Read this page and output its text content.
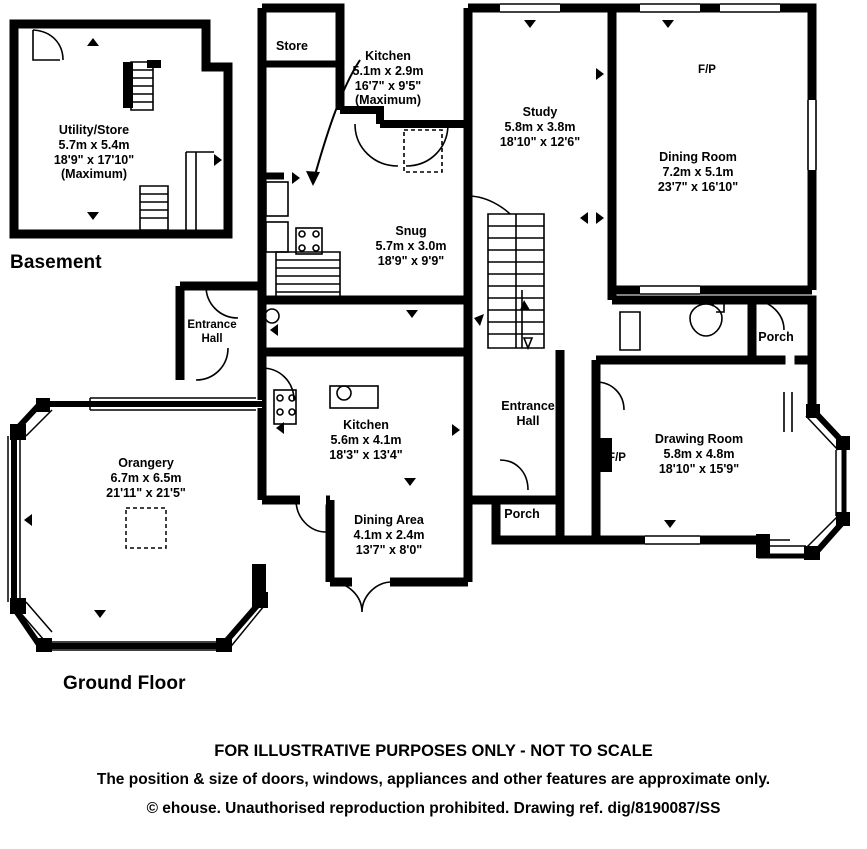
Basement
Ground Floor
Utility/Store
5.7m x 5.4m
18'9" x 17'10"
(Maximum)
Store
Kitchen
5.1m x 2.9m
16'7" x 9'5"
(Maximum)
Study
5.8m x 3.8m
18'10" x 12'6"
Dining Room
7.2m x 5.1m
23'7" x 16'10"
F/P
Snug
5.7m x 3.0m
18'9" x 9'9"
Entrance
Hall	Porch
Orangery
6.7m x 6.5m
21'11" x 21'5"
Kitchen
5.6m x 4.1m
18'3" x 13'4"
Entrance
Hall
Drawing Room
5.8m x 4.8m
18'10" x 15'9"
F/P
Dining Area
4.1m x 2.4m
13'7" x 8'0"
Porch
FOR ILLUSTRATIVE PURPOSES ONLY - NOT TO SCALE
The position & size of doors, windows, appliances and other features are approximate only.
© ehouse. Unauthorised reproduction prohibited. Drawing ref. dig/8190087/SS
